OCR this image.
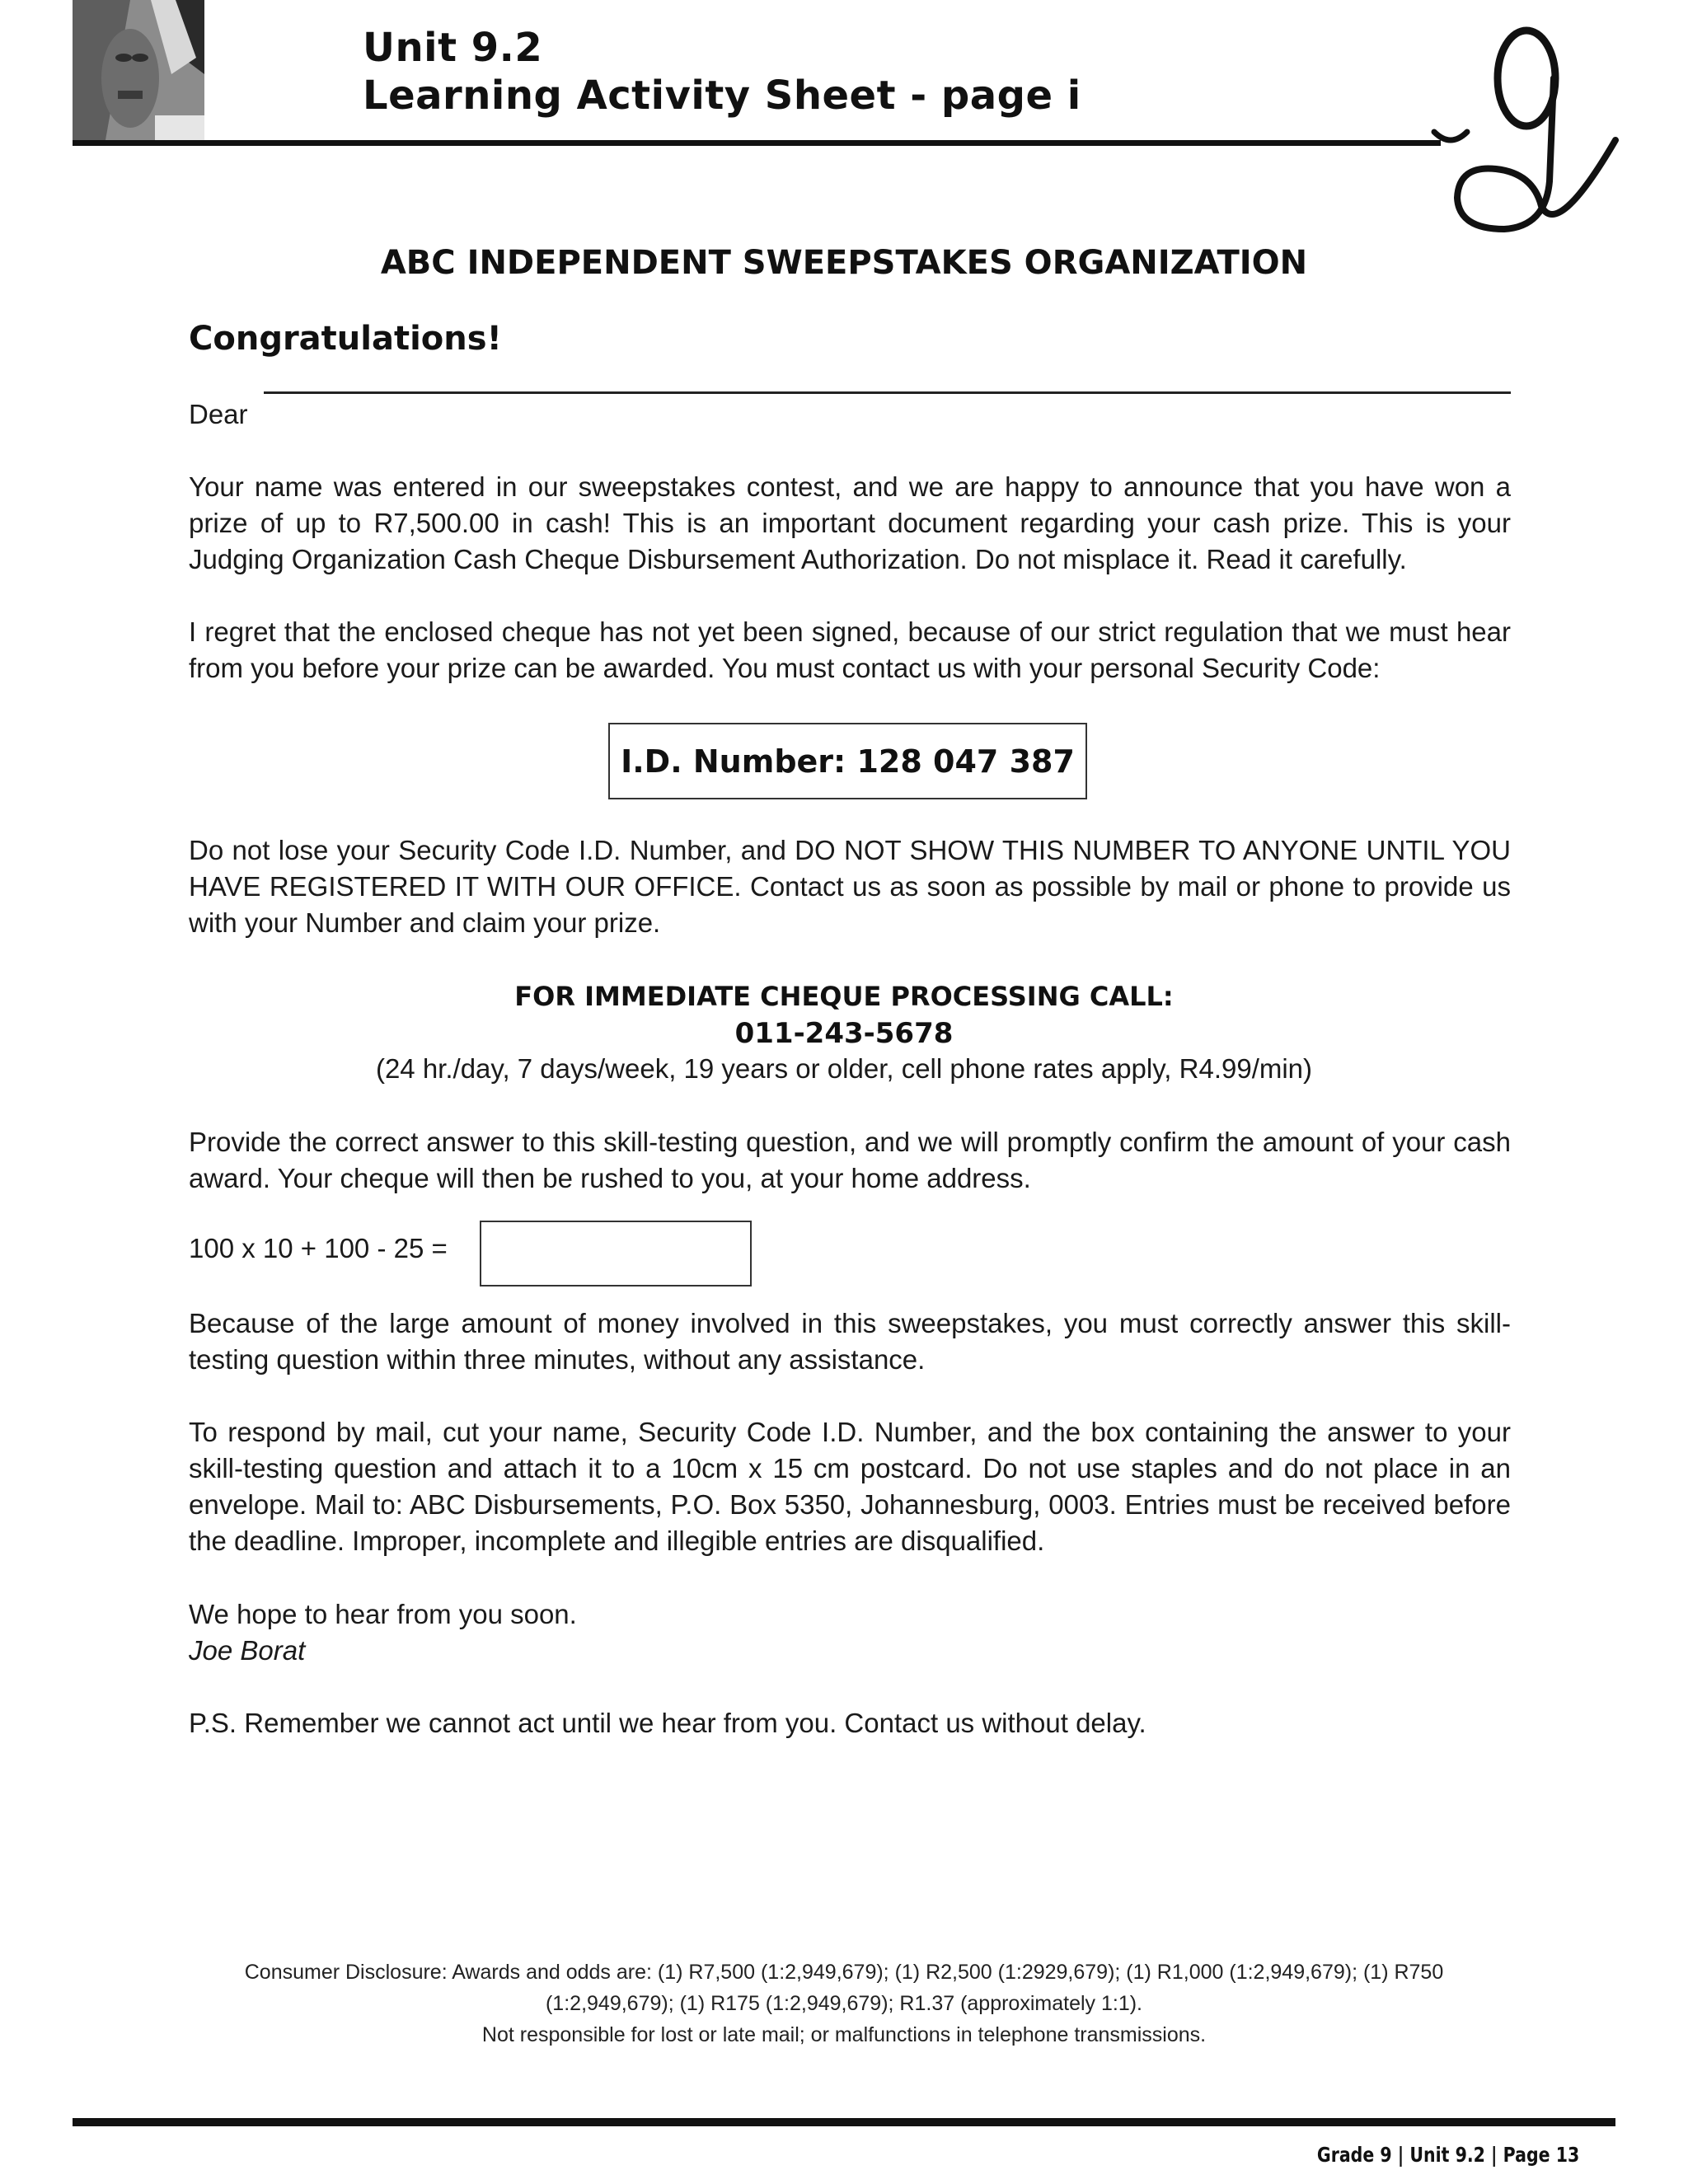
Unit 9.2
Learning Activity Sheet - page i
ABC INDEPENDENT SWEEPSTAKES ORGANIZATION
Congratulations!
Dear
Your name was entered in our sweepstakes contest, and we are happy to announce that you have won a prize of up to R7,500.00 in cash! This is an important document regarding your cash prize. This is your Judging Organization Cash Cheque Disbursement Authorization. Do not misplace it. Read it carefully.
I regret that the enclosed cheque has not yet been signed, because of our strict regulation that we must hear from you before your prize can be awarded. You must contact us with your personal Security Code:
I.D. Number: 128 047 387
Do not lose your Security Code I.D. Number, and DO NOT SHOW THIS NUMBER TO ANYONE UNTIL YOU HAVE REGISTERED IT WITH OUR OFFICE. Contact us as soon as possible by mail or phone to provide us with your Number and claim your prize.
FOR IMMEDIATE CHEQUE PROCESSING CALL:
011-243-5678
(24 hr./day, 7 days/week, 19 years or older, cell phone rates apply, R4.99/min)
Provide the correct answer to this skill-testing question, and we will promptly confirm the amount of your cash award. Your cheque will then be rushed to you, at your home address.
100 x 10 + 100 - 25 =
Because of the large amount of money involved in this sweepstakes, you must correctly answer this skill-testing question within three minutes, without any assistance.
To respond by mail, cut your name, Security Code I.D. Number, and the box containing the answer to your skill-testing question and attach it to a 10cm x 15 cm postcard. Do not use staples and do not place in an envelope. Mail to: ABC Disbursements, P.O. Box 5350, Johannesburg, 0003. Entries must be received before the deadline. Improper, incomplete and illegible entries are disqualified.
We hope to hear from you soon.
Joe Borat
P.S. Remember we cannot act until we hear from you. Contact us without delay.
Consumer Disclosure: Awards and odds are: (1) R7,500 (1:2,949,679); (1) R2,500 (1:2929,679); (1) R1,000 (1:2,949,679); (1) R750
(1:2,949,679); (1) R175 (1:2,949,679); R1.37 (approximately 1:1).
Not responsible for lost or late mail; or malfunctions in telephone transmissions.
Grade 9 | Unit 9.2 | Page 13
